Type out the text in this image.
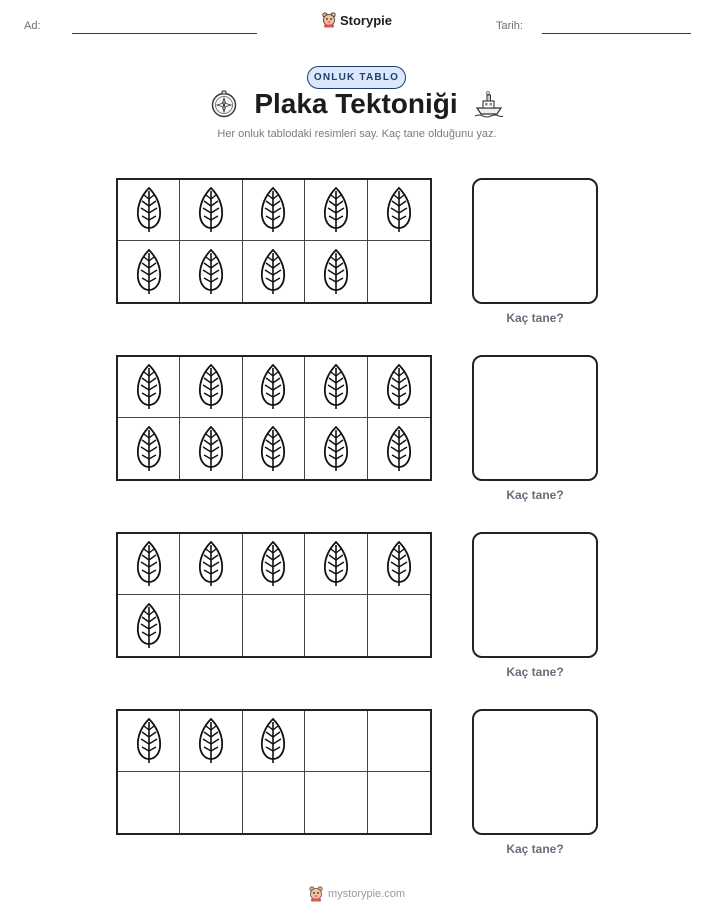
Ad:	Storypie	Tarih:
ONLUK TABLO
Plaka Tektoniği
Her onluk tablodaki resimleri say. Kaç tane olduğunu yaz.
Kaç tane?
Kaç tane?
Kaç tane?
Kaç tane?
mystorypie.com
